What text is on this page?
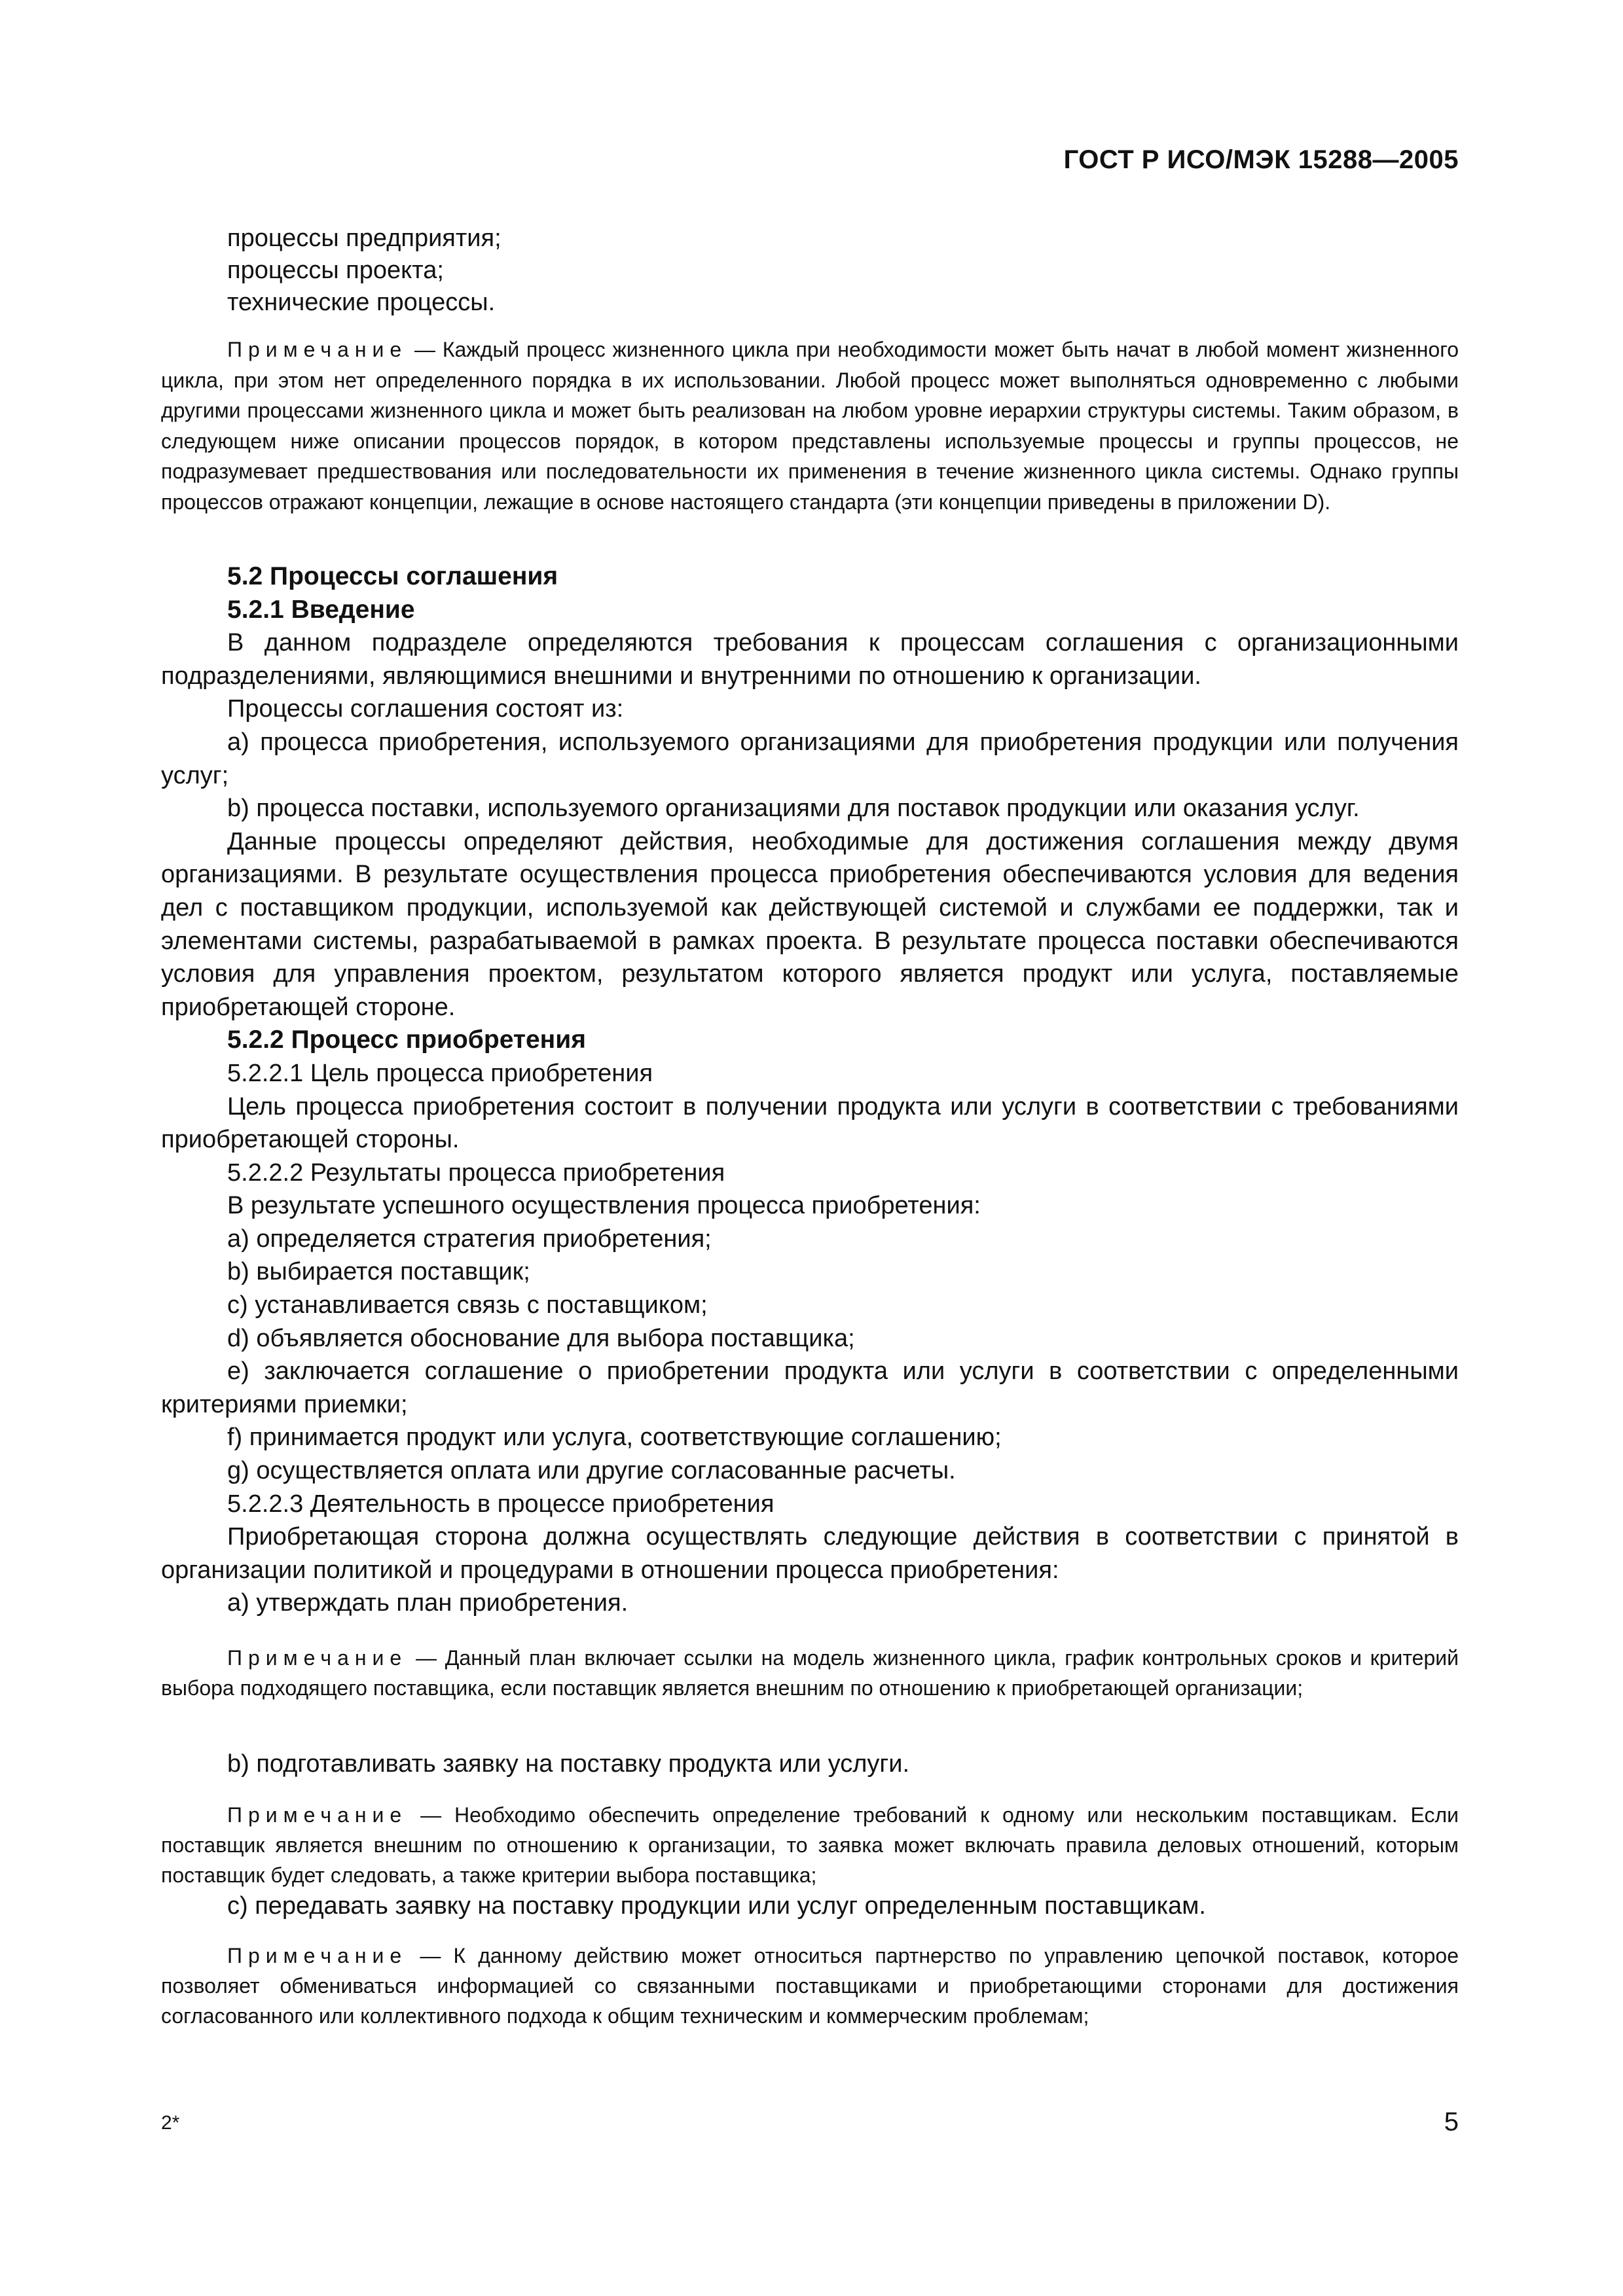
ГОСТ Р ИСО/МЭК 15288—2005

процессы предприятия;

процессы проекта;

технические процессы.

Примечание — Каждый процесс жизненного цикла при необходимости может быть начат в любой момент жизненного цикла, при этом нет определенного порядка в их использовании. Любой процесс может выполняться одновременно с любыми другими процессами жизненного цикла и может быть реализован на любом уровне иерархии структуры системы. Таким образом, в следующем ниже описании процессов порядок, в котором представлены используемые процессы и группы процессов, не подразумевает предшествования или последовательности их применения в течение жизненного цикла системы. Однако группы процессов отражают концепции, лежащие в основе настоящего стандарта (эти концепции приведены в приложении D).

5.2 Процессы соглашения

5.2.1 Введение

В данном подразделе определяются требования к процессам соглашения с организационными подразделениями, являющимися внешними и внутренними по отношению к организации.

Процессы соглашения состоят из:

a) процесса приобретения, используемого организациями для приобретения продукции или получения услуг;

b) процесса поставки, используемого организациями для поставок продукции или оказания услуг.

Данные процессы определяют действия, необходимые для достижения соглашения между двумя организациями. В результате осуществления процесса приобретения обеспечиваются условия для ведения дел с поставщиком продукции, используемой как действующей системой и службами ее поддержки, так и элементами системы, разрабатываемой в рамках проекта. В результате процесса поставки обеспечиваются условия для управления проектом, результатом которого является продукт или услуга, поставляемые приобретающей стороне.

5.2.2 Процесс приобретения

5.2.2.1 Цель процесса приобретения

Цель процесса приобретения состоит в получении продукта или услуги в соответствии с требованиями приобретающей стороны.

5.2.2.2 Результаты процесса приобретения

В результате успешного осуществления процесса приобретения:

a) определяется стратегия приобретения;

b) выбирается поставщик;

c) устанавливается связь с поставщиком;

d) объявляется обоснование для выбора поставщика;

e) заключается соглашение о приобретении продукта или услуги в соответствии с определенными критериями приемки;

f) принимается продукт или услуга, соответствующие соглашению;

g) осуществляется оплата или другие согласованные расчеты.

5.2.2.3 Деятельность в процессе приобретения

Приобретающая сторона должна осуществлять следующие действия в соответствии с принятой в организации политикой и процедурами в отношении процесса приобретения:

a) утверждать план приобретения.

Примечание — Данный план включает ссылки на модель жизненного цикла, график контрольных сроков и критерий выбора подходящего поставщика, если поставщик является внешним по отношению к приобретающей организации;

b) подготавливать заявку на поставку продукта или услуги.

Примечание — Необходимо обеспечить определение требований к одному или нескольким поставщикам. Если поставщик является внешним по отношению к организации, то заявка может включать правила деловых отношений, которым поставщик будет следовать, а также критерии выбора поставщика;

c) передавать заявку на поставку продукции или услуг определенным поставщикам.

Примечание — К данному действию может относиться партнерство по управлению цепочкой поставок, которое позволяет обмениваться информацией со связанными поставщиками и приобретающими сторонами для достижения согласованного или коллективного подхода к общим техническим и коммерческим проблемам;

2*	5
